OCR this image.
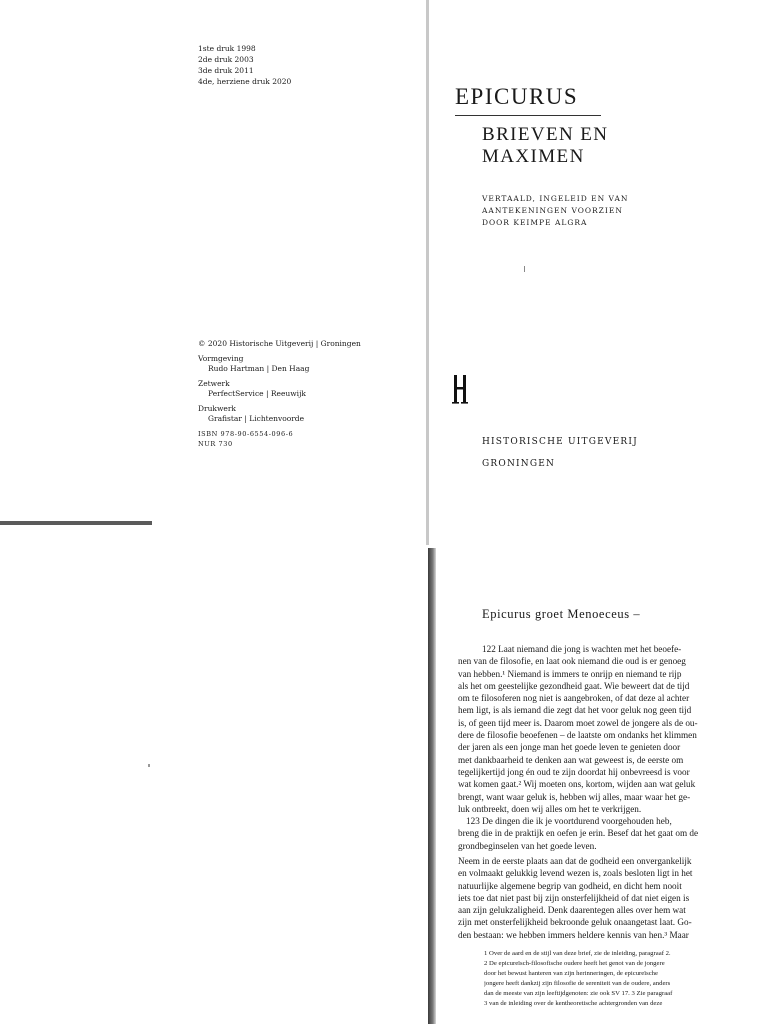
1ste druk 1998
2de druk 2003
3de druk 2011
4de, herziene druk 2020
EPICURUS
BRIEVEN EN
MAXIMEN
VERTAALD, INGELEID EN VAN
AANTEKENINGEN VOORZIEN
DOOR KEIMPE ALGRA
© 2020 Historische Uitgeverij | Groningen
Vormgeving
Rudo Hartman | Den Haag
Zetwerk
PerfectService | Reeuwijk
Drukwerk
Grafistar | Lichtenvoorde
ISBN 978-90-6554-096-6
NUR 730	HISTORISCHE UITGEVERIJ
GRONINGEN
Epicurus groet Menoeceus –
122 Laat niemand die jong is wachten met het beoefe-
nen van de filosofie, en laat ook niemand die oud is er genoeg
van hebben.¹ Niemand is immers te onrijp en niemand te rijp
als het om geestelijke gezondheid gaat. Wie beweert dat de tijd
om te filosoferen nog niet is aangebroken, of dat deze al achter
hem ligt, is als iemand die zegt dat het voor geluk nog geen tijd
is, of geen tijd meer is. Daarom moet zowel de jongere als de ou-
dere de filosofie beoefenen – de laatste om ondanks het klimmen
der jaren als een jonge man het goede leven te genieten door
met dankbaarheid te denken aan wat geweest is, de eerste om
tegelijkertijd jong én oud te zijn doordat hij onbevreesd is voor
wat komen gaat.² Wij moeten ons, kortom, wijden aan wat geluk
brengt, want waar geluk is, hebben wij alles, maar waar het ge-
luk ontbreekt, doen wij alles om het te verkrijgen.
123 De dingen die ik je voortdurend voorgehouden heb,
breng die in de praktijk en oefen je erin. Besef dat het gaat om de
grondbeginselen van het goede leven.
Neem in de eerste plaats aan dat de godheid een onvergankelijk
en volmaakt gelukkig levend wezen is, zoals besloten ligt in het
natuurlijke algemene begrip van godheid, en dicht hem nooit
iets toe dat niet past bij zijn onsterfelijkheid of dat niet eigen is
aan zijn gelukzaligheid. Denk daarentegen alles over hem wat
zijn met onsterfelijkheid bekroonde geluk onaangetast laat. Go-
den bestaan: we hebben immers heldere kennis van hen.³ Maar
1 Over de aard en de stijl van deze brief, zie de inleiding, paragraaf 2.
2 De epicureïsch-filosofische oudere heeft het genot van de jongere
door het bewust hanteren van zijn herinneringen, de epicureïsche
jongere heeft dankzij zijn filosofie de sereniteit van de oudere, anders
dan de meeste van zijn leeftijdgenoten: zie ook SV 17. 3 Zie paragraaf
3 van de inleiding over de kentheoretische achtergronden van deze
